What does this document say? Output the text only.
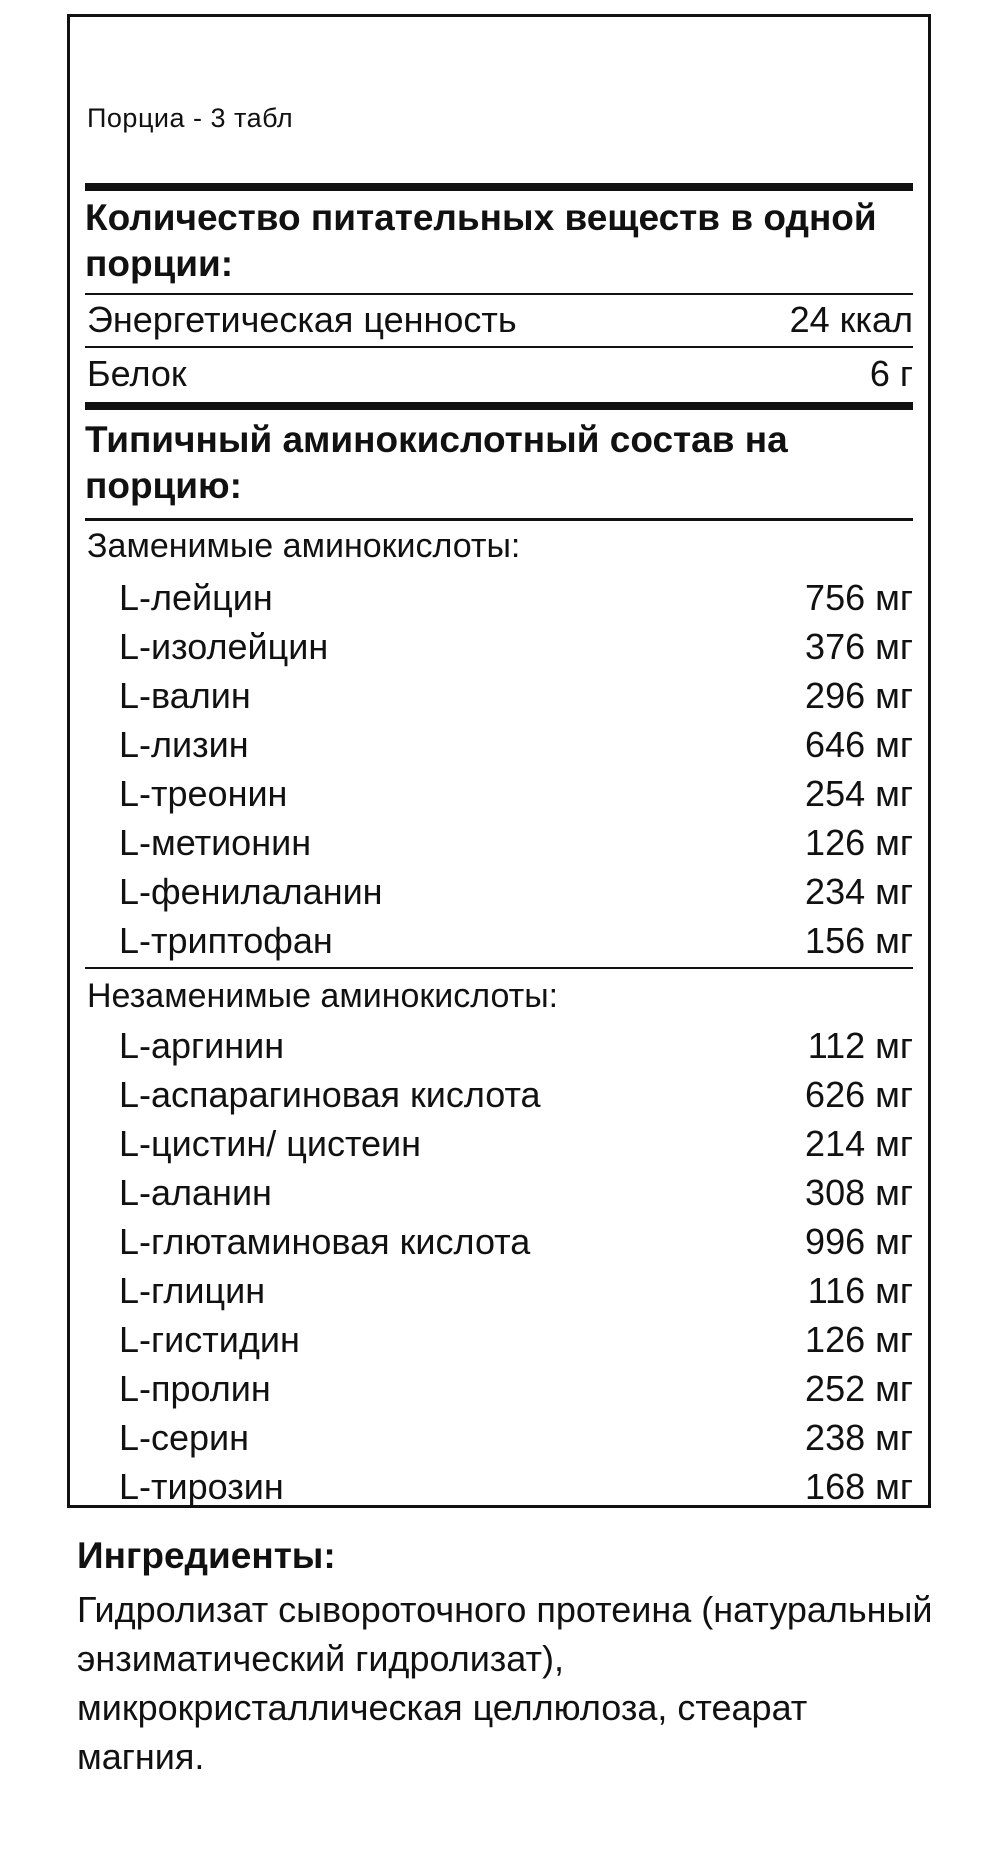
Порциа - 3 табл
Количество питательных веществ в одной порции:
Энергетическая ценность	24 ккал
Белок	6 г
Типичный аминокислотный состав на порцию:
Заменимые аминокислоты:
L-лейцин	756 мг
L-изолейцин	376 мг
L-валин	296 мг
L-лизин	646 мг
L-треонин	254 мг
L-метионин	126 мг
L-фенилаланин	234 мг
L-триптофан	156 мг
Незаменимые аминокислоты:
L-аргинин	112 мг
L-аспарагиновая кислота	626 мг
L-цистин/ цистеин	214 мг
L-аланин	308 мг
L-глютаминовая кислота	996 мг
L-глицин	116 мг
L-гистидин	126 мг
L-пролин	252 мг
L-серин	238 мг
L-тирозин	168 мг
Ингредиенты:
Гидролизат сывороточного протеина (натуральный энзиматический гидролизат), микрокристаллическая целлюлоза, стеарат магния.
